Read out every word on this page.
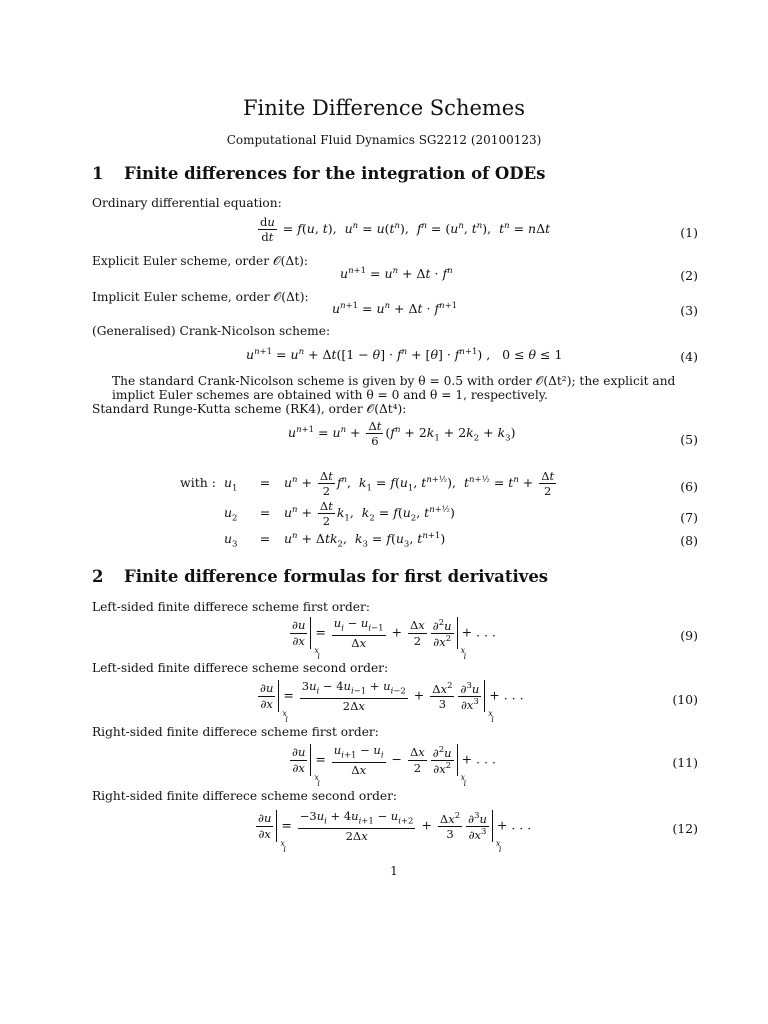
Finite Difference Schemes
Computational Fluid Dynamics SG2212 (20100123)
1 Finite differences for the integration of ODEs
Ordinary differential equation:
$\frac{du}{dt} = f(u$, t),  $u^n = u(t^n)$,  $f^n = (u^n$, $t^n$),  $t^n = n\Delta t$	(1)
Explicit Euler scheme, order 𝒪(Δt):
$u^{n+1} = u^n + \Delta t \cdot f^n$	(2)
Implicit Euler scheme, order 𝒪(Δt):
$u^{n+1} = u^n + \Delta t \cdot f^{n+1}$	(3)
(Generalised) Crank-Nicolson scheme:
$u^{n+1} = u^n + \Delta t([1 - \theta] \cdot f^n + [\theta] \cdot f^{n+1})$ ,   0 ≤ θ ≤ 1	(4)
The standard Crank-Nicolson scheme is given by θ = 0.5 with order 𝒪(Δt²); the explicit and
implict Euler schemes are obtained with θ = 0 and θ = 1, respectively.
Standard Runge-Kutta scheme (RK4), order 𝒪(Δt⁴):
$u^{n+1} = u^n + \frac{\Delta t}{6} (f^n + 2k_1 + 2k_2 + k_3)$	(5)
with : $u_1 = u^n + \frac{\Delta t}{2} f^n$,  $k_1 = f(u_1$, $t^{n+\frac{1}{2}}$),  $t^{n+\frac{1}{2}} = t^n + \frac{\Delta t}{2}$	(6)
$u_2 = u^n + \frac{\Delta t}{2} k_1$,  $k_2 = f(u_2$, $t^{n+\frac{1}{2}}$)	(7)
$u_3 = u^n + \Delta tk_2$,  $k_3 = f(u_3$, $t^{n+1}$)	(8)
2 Finite difference formulas for first derivatives
Left-sided finite differece scheme first order:
$\frac{\partial u}{\partial x}$
x
i
= $\frac{u_i - u_{i-1}}{\Delta x} + \frac{\Delta x}{2} \frac{\partial^2u}{\partial x^2}$
x
i
+ . . .	(9)
Left-sided finite differece scheme second order:
$\frac{\partial u}{\partial x}$
x
i
= $\frac{3u_i - 4u_{i-1} + u_{i-2}}{2\Delta x} + \frac{\Delta x^2}{3} \frac{\partial^3u}{\partial x^3}$
x
i
+ . . .	(10)
Right-sided finite differece scheme first order:
$\frac{\partial u}{\partial x}$
x
i
= $\frac{u_{i+1} - u_i}{\Delta x} - \frac{\Delta x}{2} \frac{\partial^2u}{\partial x^2}$
x
i
+ . . .	(11)
Right-sided finite differece scheme second order:
$\frac{\partial u}{\partial x}$
x
i
= $\frac{-3u_i + 4u_{i+1} - u_{i+2}}{2\Delta x} + \frac{\Delta x^2}{3} \frac{\partial^3u}{\partial x^3}$
x
i
+ . . .	(12)
1
